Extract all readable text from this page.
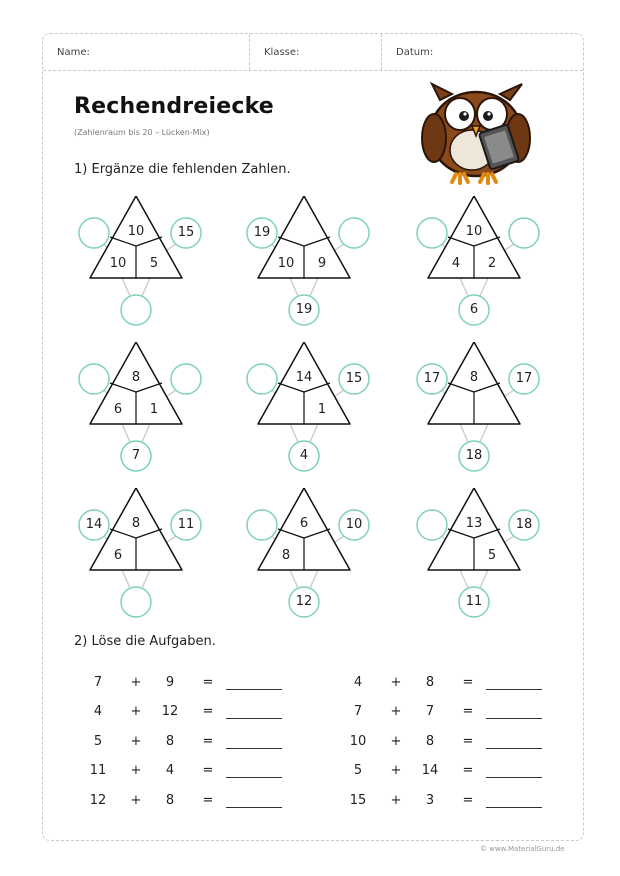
Name:	Klasse:	Datum:
Rechendreiecke
(Zahlenraum bis 20 – Lücken-Mix)
1) Ergänze die fehlenden Zahlen.
10
10	5
15
10	9
19
19
10
4	2
6
8
6	1
7
14
1
15
4
8
17	17
18
8
6
14	11	6
8
10
12
13
5
18
11
2) Löse die Aufgaben.
7	+	9	=
4	+	12	=
5	+	8	=
11	+	4	=
12	+	8	=
4	+	8	=
7	+	7	=
10	+	8	=
5	+	14	=
15	+	3	=
© www.MaterialGuru.de
